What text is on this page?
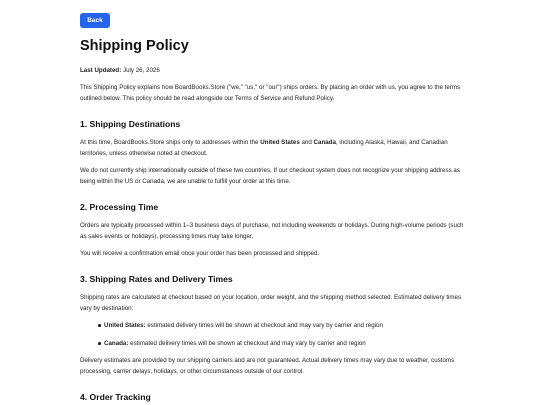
Back
Shipping Policy

Last Updated: July 26, 2026

This Shipping Policy explains how BoardBooks.Store ("we," "us," or "our") ships orders. By placing an order with us, you agree to the terms outlined below. This policy should be read alongside our Terms of Service and Refund Policy.

1. Shipping Destinations

At this time, BoardBooks.Store ships only to addresses within the United States and Canada, including Alaska, Hawaii, and Canadian territories, unless otherwise noted at checkout.

We do not currently ship internationally outside of these two countries. If our checkout system does not recognize your shipping address as being within the US or Canada, we are unable to fulfill your order at this time.

2. Processing Time

Orders are typically processed within 1–3 business days of purchase, not including weekends or holidays. During high-volume periods (such as sales events or holidays), processing times may take longer.

You will receive a confirmation email once your order has been processed and shipped.

3. Shipping Rates and Delivery Times

Shipping rates are calculated at checkout based on your location, order weight, and the shipping method selected. Estimated delivery times vary by destination:

United States: estimated delivery times will be shown at checkout and may vary by carrier and region
Canada: estimated delivery times will be shown at checkout and may vary by carrier and region

Delivery estimates are provided by our shipping carriers and are not guaranteed. Actual delivery times may vary due to weather, customs processing, carrier delays, holidays, or other circumstances outside of our control.

4. Order Tracking
